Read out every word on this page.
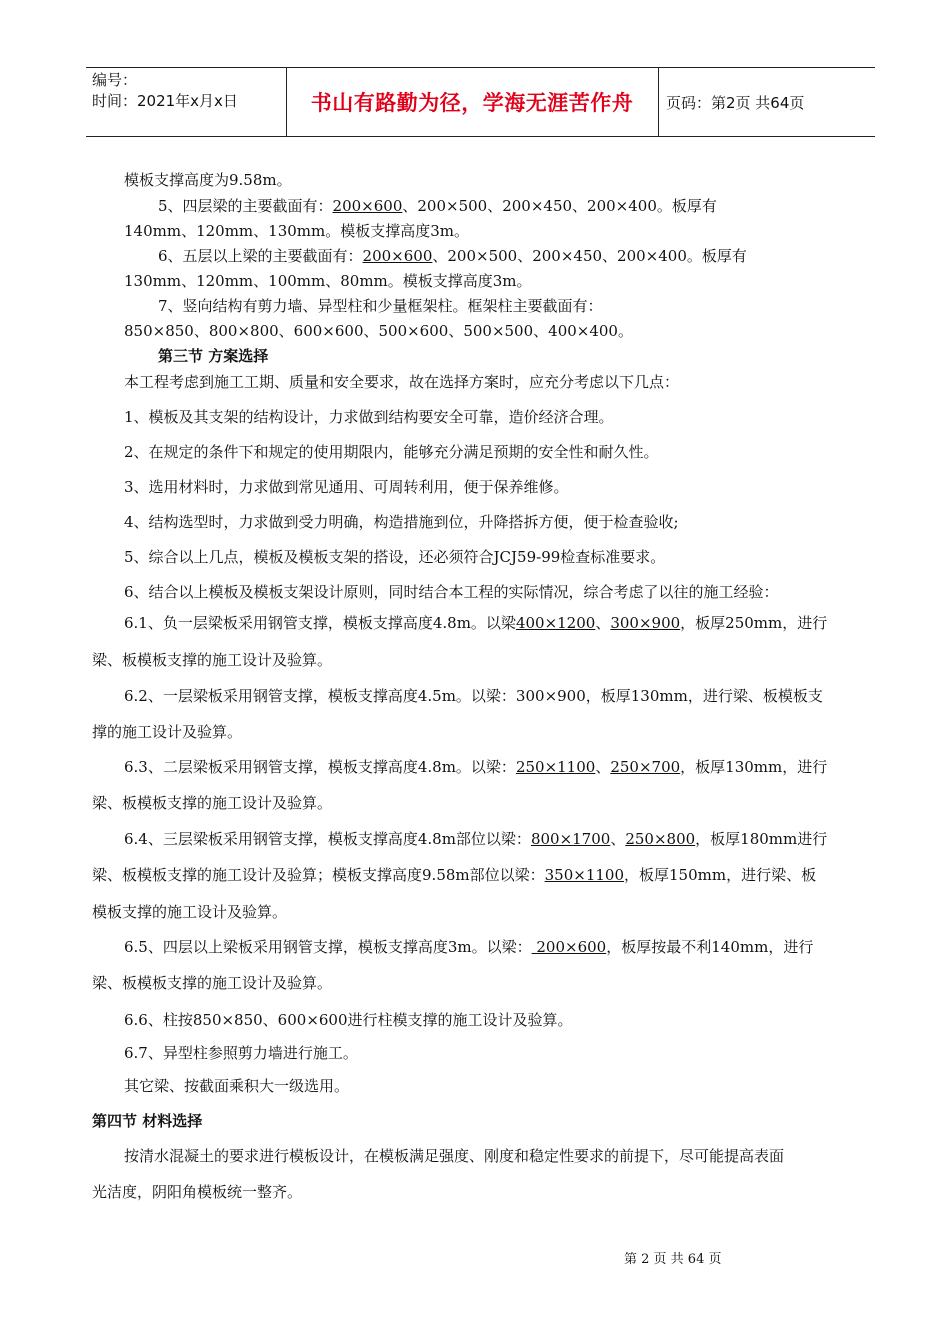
编号：
时间：2021年x月x日	书山有路勤为径，学海无涯苦作舟	页码：第2页 共64页
模板支撑高度为9.58m。
5、四层梁的主要截面有：200×600、200×500、200×450、200×400。板厚有
140mm、120mm、130mm。模板支撑高度3m。
6、五层以上梁的主要截面有：200×600、200×500、200×450、200×400。板厚有
130mm、120mm、100mm、80mm。模板支撑高度3m。
7、竖向结构有剪力墙、异型柱和少量框架柱。框架柱主要截面有：
850×850、800×800、600×600、500×600、500×500、400×400。
第三节 方案选择
本工程考虑到施工工期、质量和安全要求，故在选择方案时，应充分考虑以下几点：
1、模板及其支架的结构设计，力求做到结构要安全可靠，造价经济合理。
2、在规定的条件下和规定的使用期限内，能够充分满足预期的安全性和耐久性。
3、选用材料时，力求做到常见通用、可周转利用，便于保养维修。
4、结构选型时，力求做到受力明确，构造措施到位，升降搭拆方便，便于检查验收;
5、综合以上几点，模板及模板支架的搭设，还必须符合JCJ59-99检查标准要求。
6、结合以上模板及模板支架设计原则，同时结合本工程的实际情况，综合考虑了以往的施工经验：
6.1、负一层梁板采用钢管支撑，模板支撑高度4.8m。以梁400×1200、300×900，板厚250mm，进行
梁、板模板支撑的施工设计及验算。
6.2、一层梁板采用钢管支撑，模板支撑高度4.5m。以梁：300×900，板厚130mm，进行梁、板模板支
撑的施工设计及验算。
6.3、二层梁板采用钢管支撑，模板支撑高度4.8m。以梁：250×1100、250×700，板厚130mm，进行
梁、板模板支撑的施工设计及验算。
6.4、三层梁板采用钢管支撑，模板支撑高度4.8m部位以梁：800×1700、250×800，板厚180mm进行
梁、板模板支撑的施工设计及验算；模板支撑高度9.58m部位以梁：350×1100，板厚150mm，进行梁、板
模板支撑的施工设计及验算。
6.5、四层以上梁板采用钢管支撑，模板支撑高度3m。以梁： 200×600，板厚按最不利140mm，进行
梁、板模板支撑的施工设计及验算。
6.6、柱按850×850、600×600进行柱模支撑的施工设计及验算。
6.7、异型柱参照剪力墙进行施工。
其它梁、按截面乘积大一级选用。
第四节 材料选择
按清水混凝土的要求进行模板设计，在模板满足强度、刚度和稳定性要求的前提下，尽可能提高表面
光洁度，阴阳角模板统一整齐。
第 2 页 共 64 页
